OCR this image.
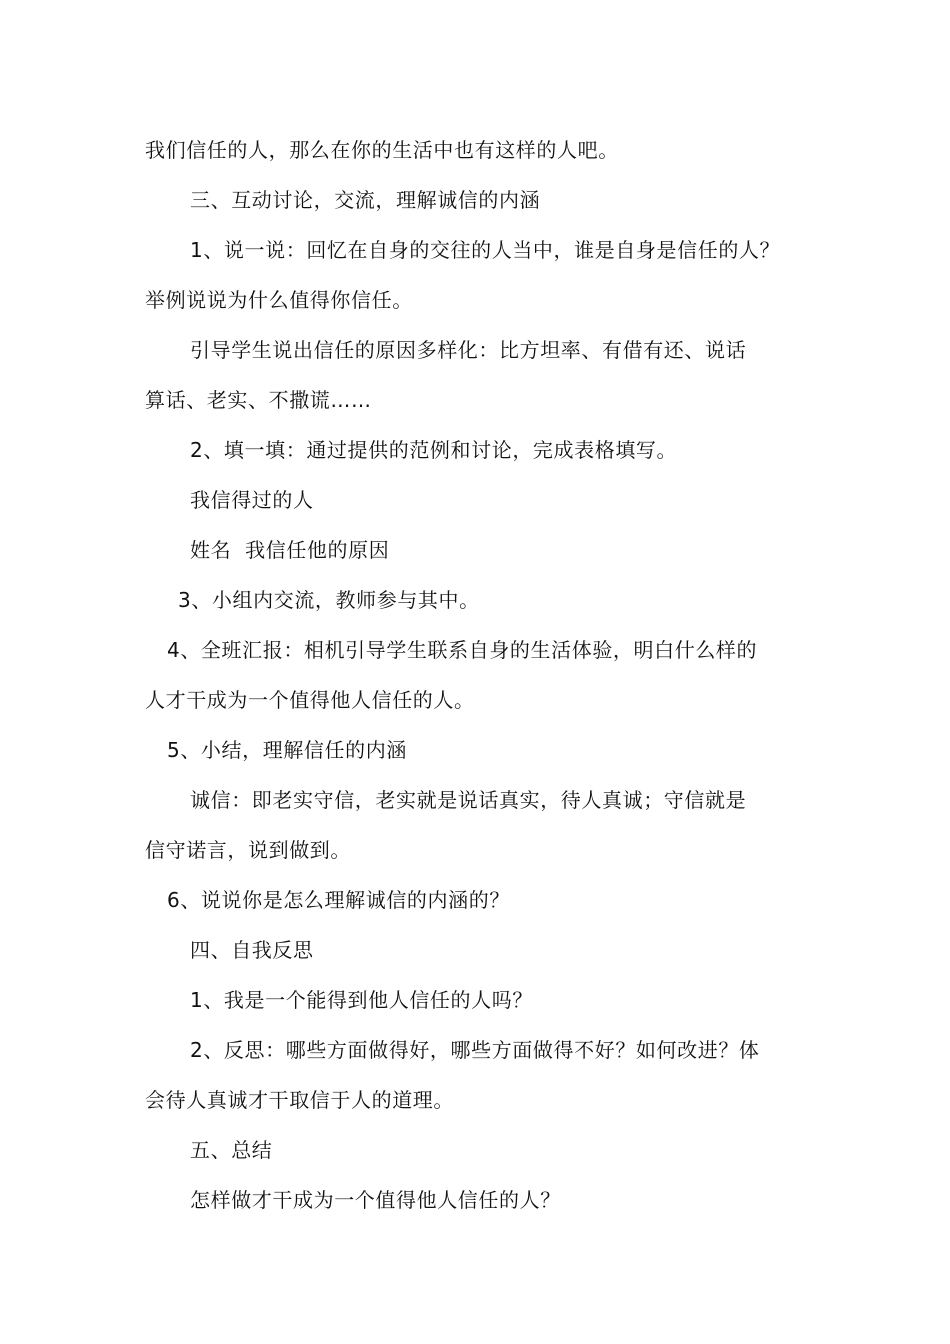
我们信任的人，那么在你的生活中也有这样的人吧。
三、互动讨论，交流，理解诚信的内涵
1、说一说：回忆在自身的交往的人当中，谁是自身是信任的人？
举例说说为什么值得你信任。
引导学生说出信任的原因多样化：比方坦率、有借有还、说话
算话、老实、不撒谎……
2、填一填：通过提供的范例和讨论，完成表格填写。
我信得过的人
姓名  我信任他的原因
3、小组内交流，教师参与其中。
4、全班汇报：相机引导学生联系自身的生活体验，明白什么样的
人才干成为一个值得他人信任的人。
5、小结，理解信任的内涵
诚信：即老实守信，老实就是说话真实，待人真诚；守信就是
信守诺言，说到做到。
6、说说你是怎么理解诚信的内涵的？
四、自我反思
1、我是一个能得到他人信任的人吗？
2、反思：哪些方面做得好，哪些方面做得不好？如何改进？体
会待人真诚才干取信于人的道理。
五、总结
怎样做才干成为一个值得他人信任的人？
